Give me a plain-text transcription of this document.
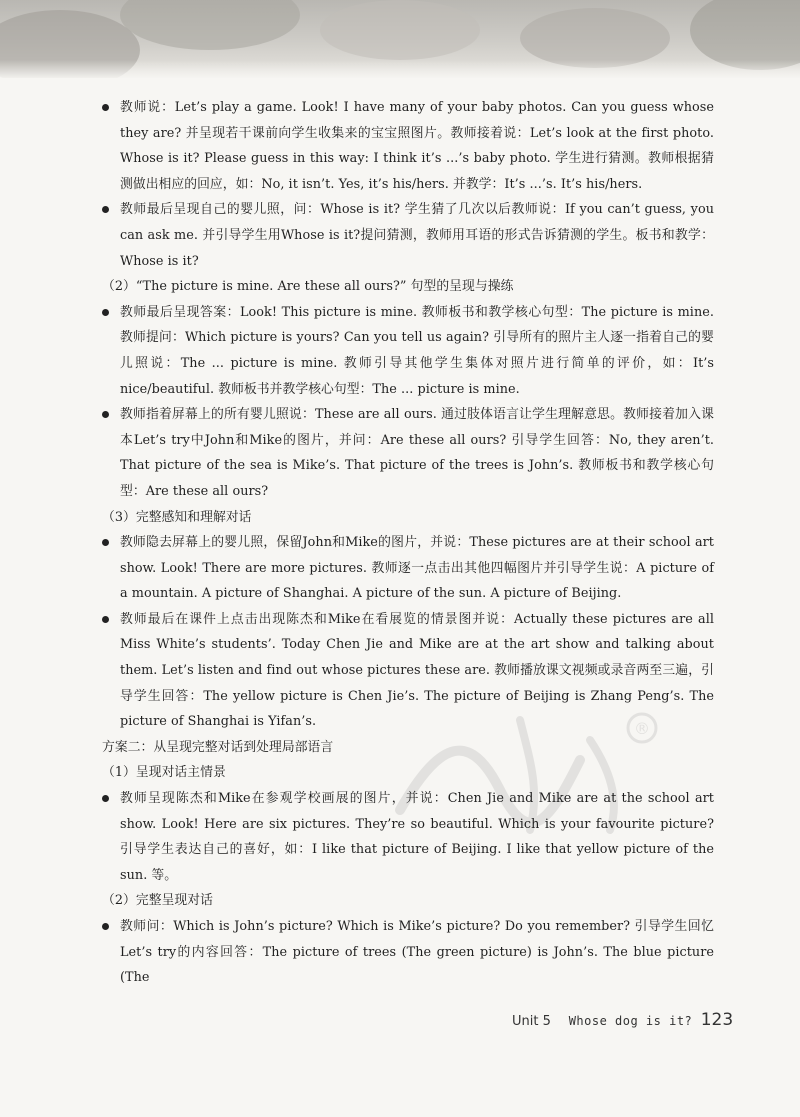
®
教师说：Let’s play a game. Look! I have many of your baby photos. Can you guess whose they are? 并呈现若干课前向学生收集来的宝宝照图片。教师接着说：Let’s look at the first photo. Whose is it? Please guess in this way: I think it’s ...’s baby photo. 学生进行猜测。教师根据猜测做出相应的回应，如：No, it isn’t. Yes, it’s his/hers. 并教学：It’s ...’s. It’s his/hers.
教师最后呈现自己的婴儿照，问：Whose is it? 学生猜了几次以后教师说：If you can’t guess, you can ask me. 并引导学生用Whose is it?提问猜测，教师用耳语的形式告诉猜测的学生。板书和教学：Whose is it?
（2）“The picture is mine. Are these all ours?” 句型的呈现与操练
教师最后呈现答案：Look! This picture is mine. 教师板书和教学核心句型：The picture is mine. 教师提问：Which picture is yours? Can you tell us again? 引导所有的照片主人逐一指着自己的婴儿照说：The ... picture is mine. 教师引导其他学生集体对照片进行简单的评价，如：It’s nice/beautiful. 教师板书并教学核心句型：The ... picture is mine.
教师指着屏幕上的所有婴儿照说：These are all ours. 通过肢体语言让学生理解意思。教师接着加入课本Let’s try中John和Mike的图片，并问：Are these all ours? 引导学生回答：No, they aren’t. That picture of the sea is Mike’s. That picture of the trees is John’s. 教师板书和教学核心句型：Are these all ours?
（3）完整感知和理解对话
教师隐去屏幕上的婴儿照，保留John和Mike的图片，并说：These pictures are at their school art show. Look! There are more pictures. 教师逐一点击出其他四幅图片并引导学生说：A picture of a mountain. A picture of Shanghai. A picture of the sun. A picture of Beijing.
教师最后在课件上点击出现陈杰和Mike在看展览的情景图并说：Actually these pictures are all Miss White’s students’. Today Chen Jie and Mike are at the art show and talking about them. Let’s listen and find out whose pictures these are. 教师播放课文视频或录音两至三遍，引导学生回答：The yellow picture is Chen Jie’s. The picture of Beijing is Zhang Peng’s. The picture of Shanghai is Yifan’s.
方案二：从呈现完整对话到处理局部语言
（1）呈现对话主情景
教师呈现陈杰和Mike在参观学校画展的图片，并说：Chen Jie and Mike are at the school art show. Look! Here are six pictures. They’re so beautiful. Which is your favourite picture? 引导学生表达自己的喜好，如：I like that picture of Beijing. I like that yellow picture of the sun. 等。
（2）完整呈现对话
教师问：Which is John’s picture? Which is Mike’s picture? Do you remember? 引导学生回忆Let’s try的内容回答：The picture of trees (The green picture) is John’s. The blue picture (The
Unit 5 Whose dog is it? 123
